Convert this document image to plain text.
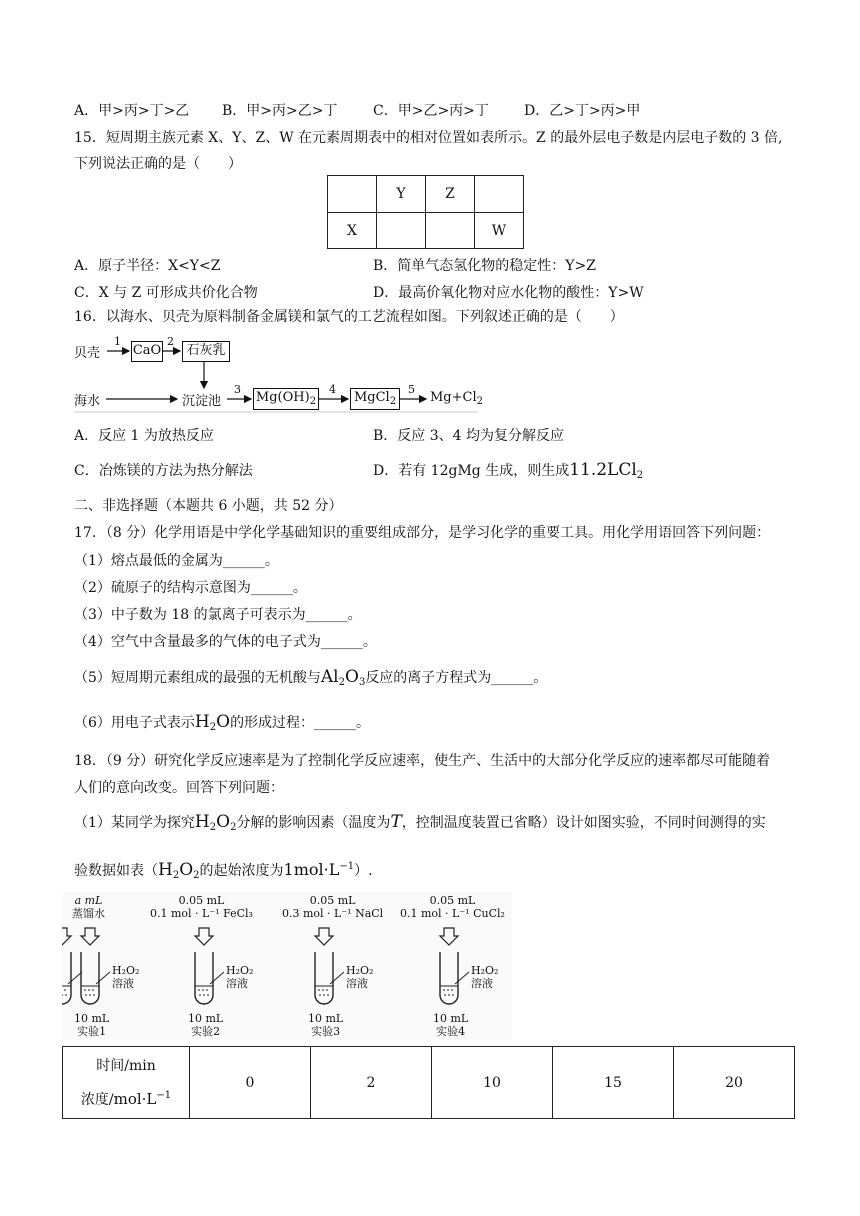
A．甲>丙>丁>乙 B．甲>丙>乙>丁	C．甲>乙>丙>丁	D．乙>丁>丙>甲
15．短周期主族元素 X、Y、Z、W 在元素周期表中的相对位置如表所示。Z 的最外层电子数是内层电子数的 3 倍,
下列说法正确的是（　　）
	Y	Z	
X			W
A．原子半径：X<Y<Z	B．简单气态氢化物的稳定性：Y>Z
C．X 与 Z 可形成共价化合物	D．最高价氧化物对应水化物的酸性：Y>W
16．以海水、贝壳为原料制备金属镁和氯气的工艺流程如图。下列叙述正确的是（　　）
贝壳
1
CaO
2
石灰乳
海水	沉淀池
3
$Mg(OH)_2$
4
MgCl$_2$
5
$Mg+Cl_2$
A．反应 1 为放热反应	B．反应 3、4 均为复分解反应
C．冶炼镁的方法为热分解法	D．若有 12gMg 生成，则生成11.2LCl$_2$
二、非选择题（本题共 6 小题，共 52 分）
17．（8 分）化学用语是中学化学基础知识的重要组成部分，是学习化学的重要工具。用化学用语回答下列问题：
（1）熔点最低的金属为______。
（2）硫原子的结构示意图为______。
（3）中子数为 18 的氯离子可表示为______。
（4）空气中含量最多的气体的电子式为______。
（5）短周期元素组成的最强的无机酸与$Al_2O_3$反应的离子方程式为______。
（6）用电子式表示$H_2O$的形成过程：______。
18．（9 分）研究化学反应速率是为了控制化学反应速率，使生产、生活中的大部分化学反应的速率都尽可能随着
人们的意向改变。回答下列问题：
（1）某同学为探究$H_2O_2$分解的影响因素（温度为T，控制温度装置已省略）设计如图实验，不同时间测得的实
验数据如表（$H_2O_2$的起始浓度为$1mol\cdot L^{-1}$）.
a mL
蒸馏水
0.05 mL
0.1 mol · L⁻¹ FeCl₃
0.05 mL
0.3 mol · L⁻¹ NaCl
0.05 mL
0.1 mol · L⁻¹ CuCl₂
H₂O₂
溶液
H₂O₂
溶液
H₂O₂
溶液
H₂O₂
溶液
10 mL
实验1
10 mL
实验2
10 mL
实验3
10 mL
实验4
时间/min
浓度$/mol\cdot L^{-1}$
	0	2	10	15	20
